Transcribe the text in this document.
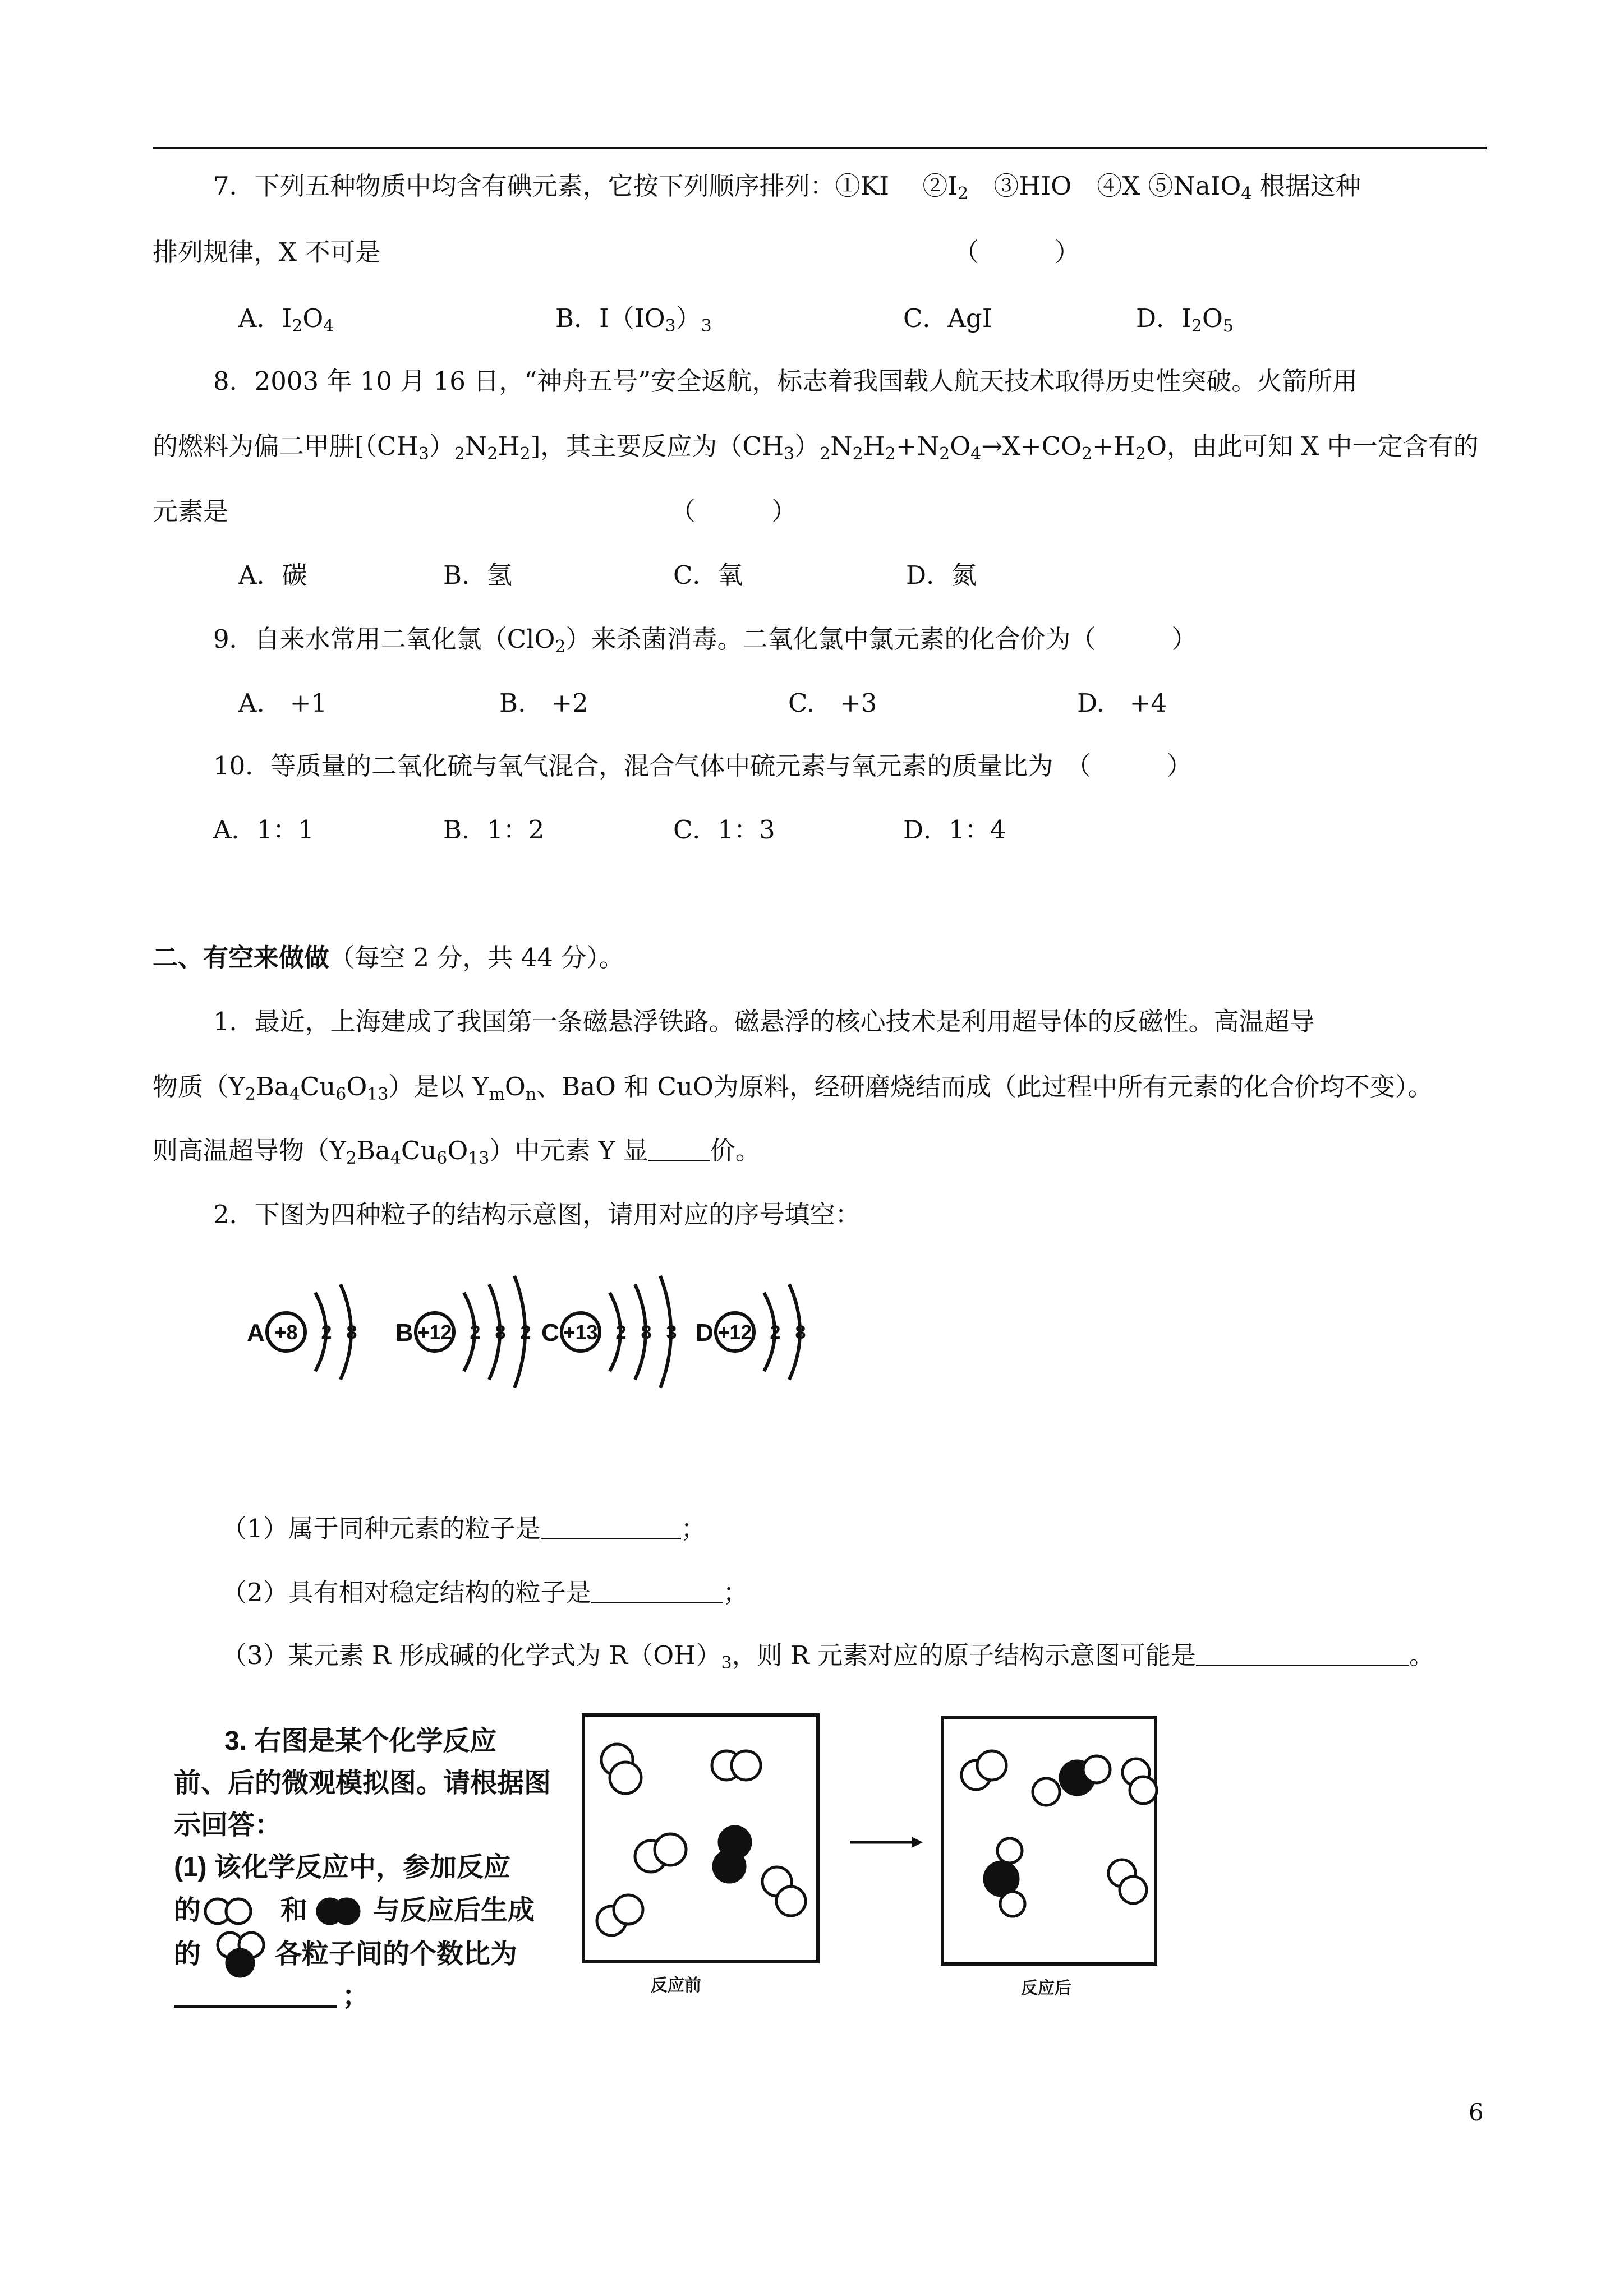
7．下列五种物质中均含有碘元素，它按下列顺序排列：①KI　 $②I_2$　③HIO　④X ⑤NaIO$_4$ 根据这种
排列规律，X 不可是	（　　　）
A．$I_2O_4$	B．$I(IO_3)_3$	C．AgI	D．$I_2O_5$
8．2003 年 10 月 16 日，“神舟五号”安全返航，标志着我国载人航天技术取得历史性突破。火箭所用
的燃料为偏二甲肼$[(CH_3)_2N_2H_2]$，其主要反应为$(CH_3)_2N_2H_2+N_2O_4\to X+CO_2+H_2O$，由此可知 X 中一定含有的
元素是	（　　　）
A．碳	B．氢	C．氧	D．氮
9．自来水常用二氧化氯（ClO$_2$）来杀菌消毒。二氧化氯中氯元素的化合价为（　　　）
A.　+1	B.　+2	C.　+3	D.　+4
10．等质量的二氧化硫与氧气混合，混合气体中硫元素与氧元素的质量比为　（　　　）
A．1：1	B．1：2	C．1：3	D．1：4
二、有空来做做（每空 2 分，共 44 分）。
1．最近，上海建成了我国第一条磁悬浮铁路。磁悬浮的核心技术是利用超导体的反磁性。高温超导
物质$(Y_2Ba_4Cu_6O_{13})$是以 $Y_mO_n$、BaO 和 CuO为原料，经研磨烧结而成（此过程中所有元素的化合价均不变）。
则高温超导物$(Y_2Ba_4Cu_6O_{13})$中元素 Y 显 价。
2．下图为四种粒子的结构示意图，请用对应的序号填空：
A +8 2 8 B +12 2 8 2 C +13 2 8 3 D +12 2 8
（1）属于同种元素的粒子是	；
（2）具有相对稳定结构的粒子是	；
（3）某元素 R 形成碱的化学式为 $R(OH)_3$，则 R 元素对应的原子结构示意图可能是	。
3. 右图是某个化学反应
前、后的微观模拟图。请根据图
示回答：
(1) 该化学反应中，参加反应
的	和 与反应后生成
的	各粒子间的个数比为
；	反应前	反应后
6
